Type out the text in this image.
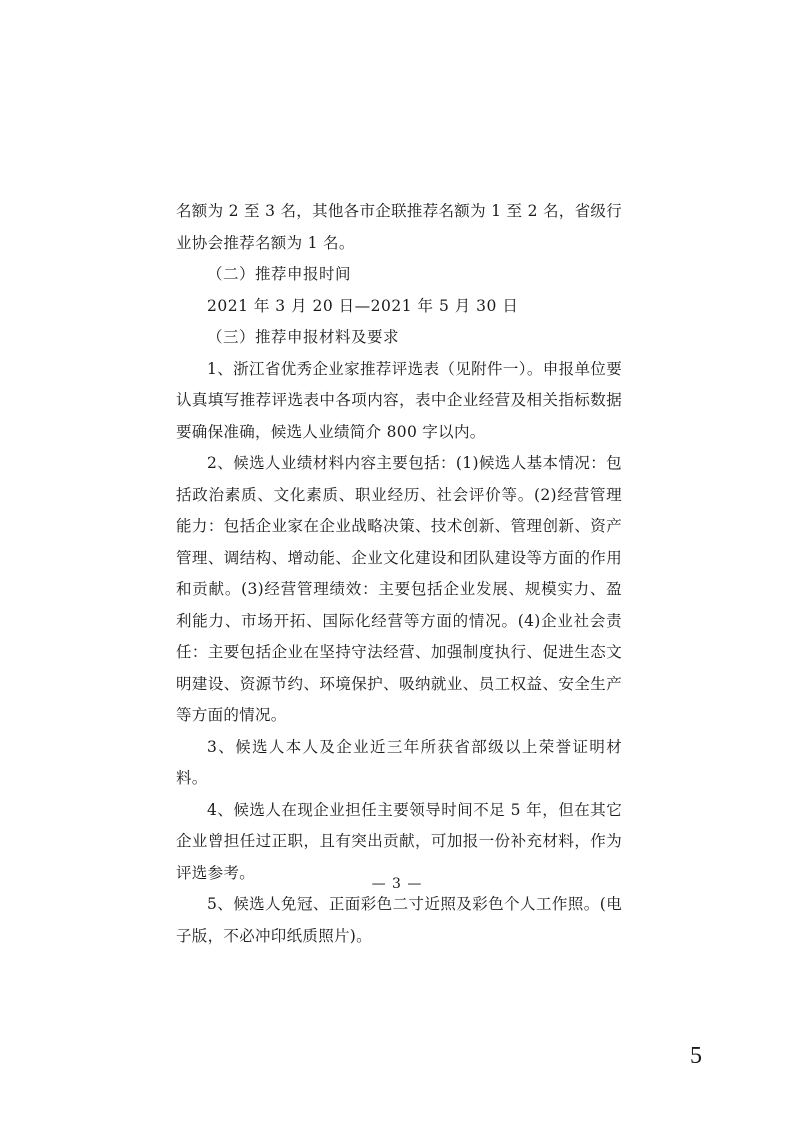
名额为 2 至 3 名，其他各市企联推荐名额为 1 至 2 名，省级行业协会推荐名额为 1 名。

（二）推荐申报时间

2021 年 3 月 20 日—2021 年 5 月 30 日

（三）推荐申报材料及要求

1、浙江省优秀企业家推荐评选表（见附件一）。申报单位要认真填写推荐评选表中各项内容，表中企业经营及相关指标数据要确保准确，候选人业绩简介 800 字以内。

2、候选人业绩材料内容主要包括：(1)候选人基本情况：包括政治素质、文化素质、职业经历、社会评价等。(2)经营管理能力：包括企业家在企业战略决策、技术创新、管理创新、资产管理、调结构、增动能、企业文化建设和团队建设等方面的作用和贡献。(3)经营管理绩效：主要包括企业发展、规模实力、盈利能力、市场开拓、国际化经营等方面的情况。(4)企业社会责任：主要包括企业在坚持守法经营、加强制度执行、促进生态文明建设、资源节约、环境保护、吸纳就业、员工权益、安全生产等方面的情况。

3、候选人本人及企业近三年所获省部级以上荣誉证明材料。

4、候选人在现企业担任主要领导时间不足 5 年，但在其它企业曾担任过正职，且有突出贡献，可加报一份补充材料，作为评选参考。

5、候选人免冠、正面彩色二寸近照及彩色个人工作照。(电子版，不必冲印纸质照片)。

— 3 —
5
